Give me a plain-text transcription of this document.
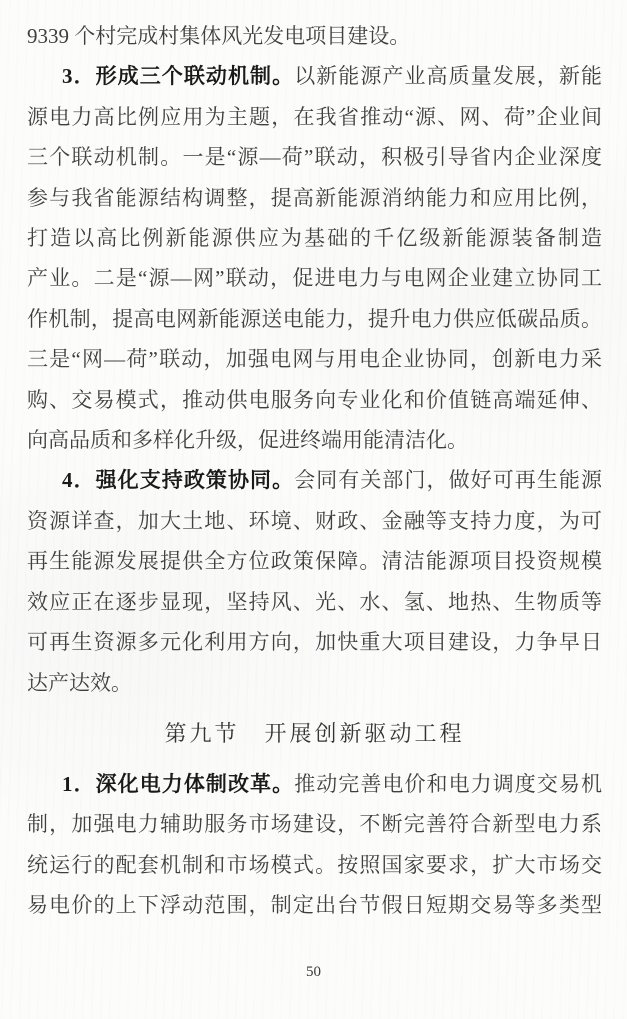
9339 个村完成村集体风光发电项目建设。
3．形成三个联动机制。以新能源产业高质量发展，新能
源电力高比例应用为主题，在我省推动“源、网、荷”企业间
三个联动机制。一是“源—荷”联动，积极引导省内企业深度
参与我省能源结构调整，提高新能源消纳能力和应用比例，
打造以高比例新能源供应为基础的千亿级新能源装备制造
产业。二是“源—网”联动，促进电力与电网企业建立协同工
作机制，提高电网新能源送电能力，提升电力供应低碳品质。
三是“网—荷”联动，加强电网与用电企业协同，创新电力采
购、交易模式，推动供电服务向专业化和价值链高端延伸、
向高品质和多样化升级，促进终端用能清洁化。
4．强化支持政策协同。会同有关部门，做好可再生能源
资源详查，加大土地、环境、财政、金融等支持力度，为可
再生能源发展提供全方位政策保障。清洁能源项目投资规模
效应正在逐步显现，坚持风、光、水、氢、地热、生物质等
可再生资源多元化利用方向，加快重大项目建设，力争早日
达产达效。
第九节　开展创新驱动工程
1．深化电力体制改革。推动完善电价和电力调度交易机
制，加强电力辅助服务市场建设，不断完善符合新型电力系
统运行的配套机制和市场模式。按照国家要求，扩大市场交
易电价的上下浮动范围，制定出台节假日短期交易等多类型
50
